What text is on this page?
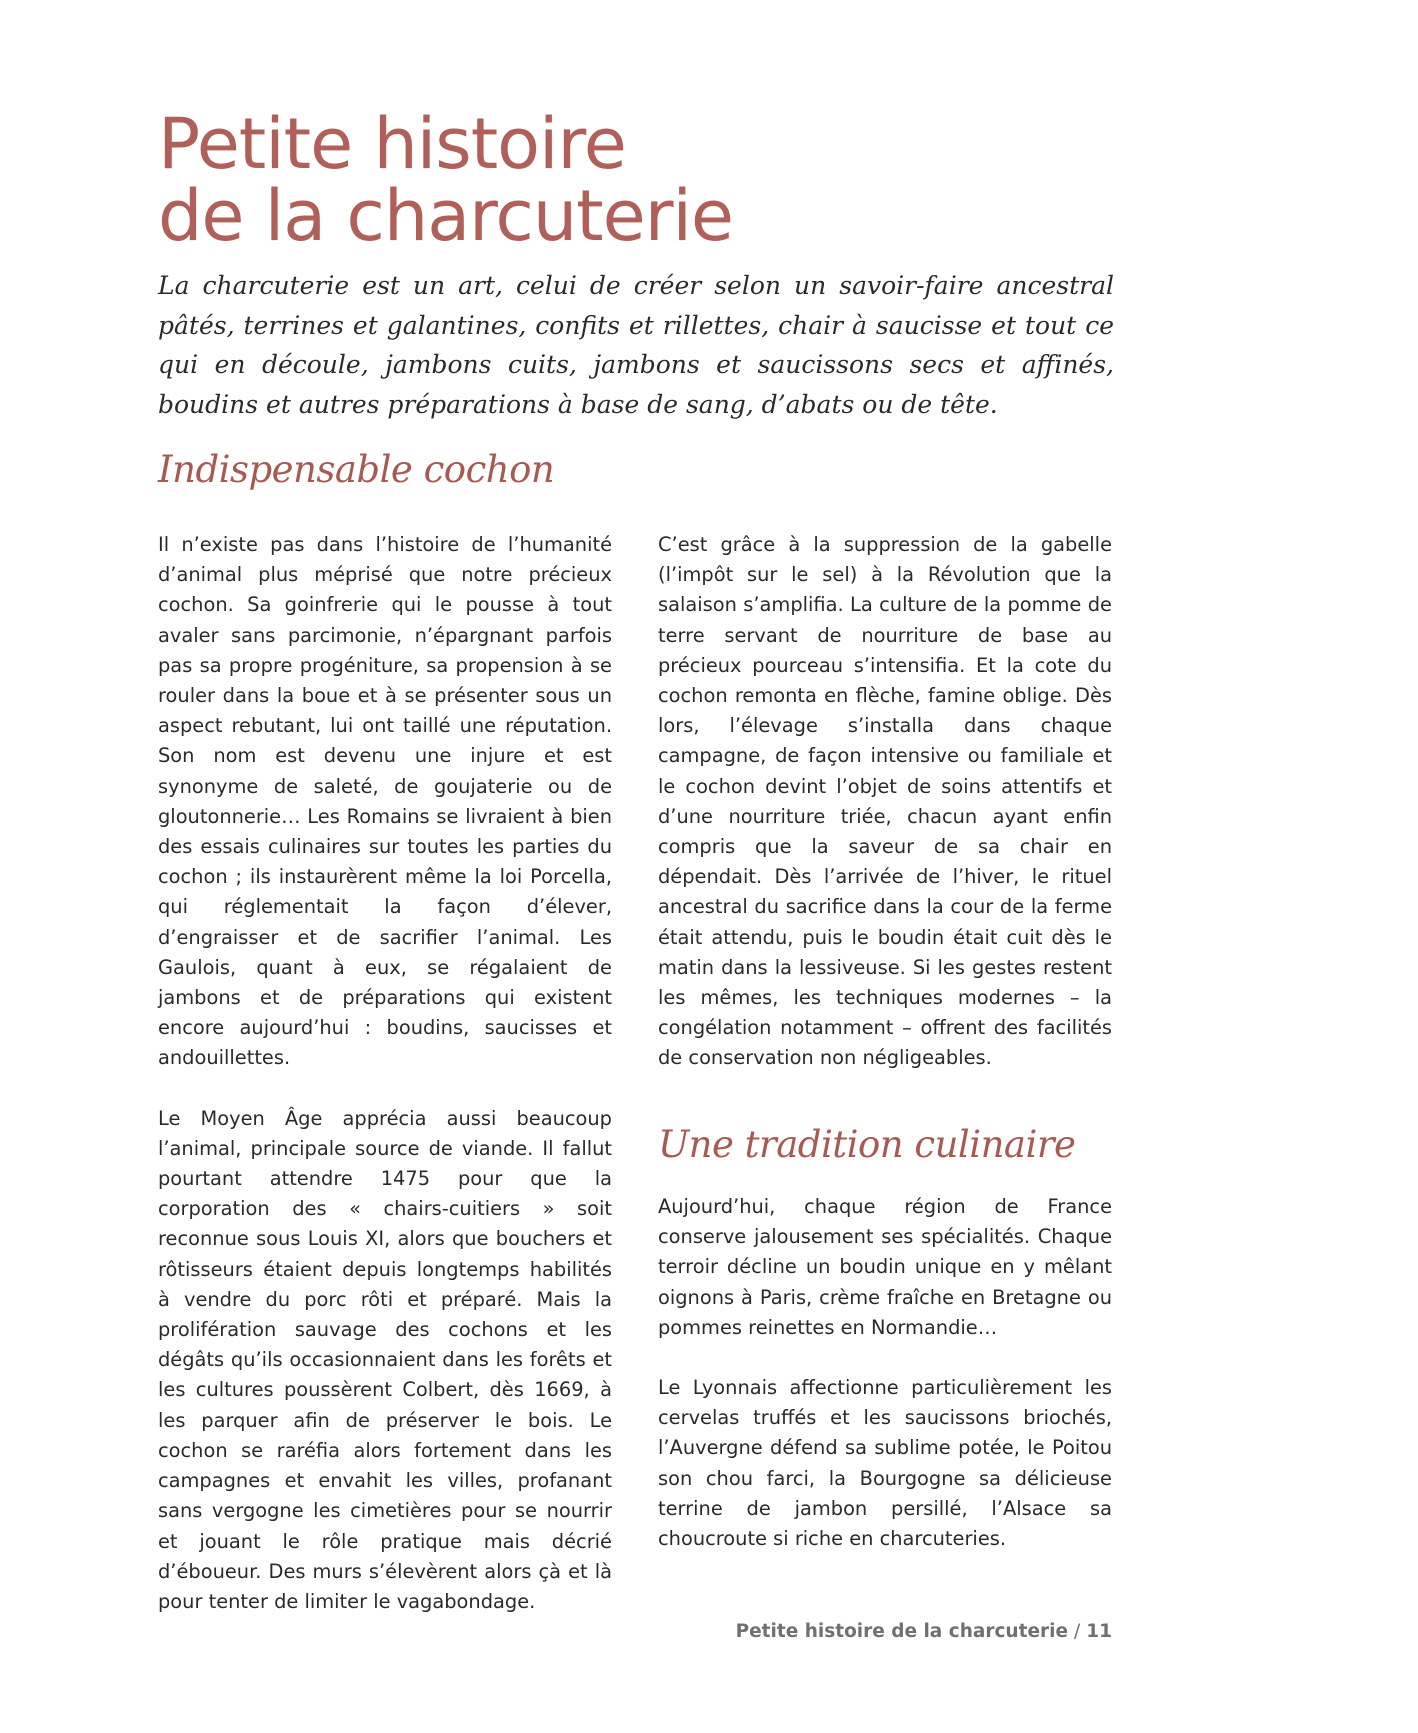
Petite histoire
de la charcuterie

La charcuterie est un art, celui de créer selon un savoir-faire ancestral pâtés, terrines et galantines, confits et rillettes, chair à saucisse et tout ce qui en découle, jambons cuits, jambons et saucissons secs et affinés, boudins et autres préparations à base de sang, d’abats ou de tête.

Indispensable cochon

Il n’existe pas dans l’histoire de l’humanité d’animal plus méprisé que notre précieux cochon. Sa goinfrerie qui le pousse à tout avaler sans parcimonie, n’épargnant parfois pas sa propre progéniture, sa propension à se rouler dans la boue et à se présenter sous un aspect rebutant, lui ont taillé une réputation. Son nom est devenu une injure et est synonyme de saleté, de goujaterie ou de gloutonnerie… Les Romains se livraient à bien des essais culinaires sur toutes les parties du cochon ; ils instaurèrent même la loi Porcella, qui réglementait la façon d’élever, d’engraisser et de sacrifier l’animal. Les Gaulois, quant à eux, se régalaient de jambons et de préparations qui existent encore aujourd’hui : boudins, saucisses et andouillettes.

Le Moyen Âge apprécia aussi beaucoup l’animal, principale source de viande. Il fallut pourtant attendre 1475 pour que la corporation des « chairs-cuitiers » soit reconnue sous Louis XI, alors que bouchers et rôtisseurs étaient depuis longtemps habilités à vendre du porc rôti et préparé. Mais la prolifération sauvage des cochons et les dégâts qu’ils occasionnaient dans les forêts et les cultures poussèrent Colbert, dès 1669, à les parquer afin de préserver le bois. Le cochon se raréfia alors fortement dans les campagnes et envahit les villes, profanant sans vergogne les cimetières pour se nourrir et jouant le rôle pratique mais décrié d’éboueur. Des murs s’élevèrent alors çà et là pour tenter de limiter le vagabondage.

C’est grâce à la suppression de la gabelle (l’impôt sur le sel) à la Révolution que la salaison s’amplifia. La culture de la pomme de terre servant de nourriture de base au précieux pourceau s’intensifia. Et la cote du cochon remonta en flèche, famine oblige. Dès lors, l’élevage s’installa dans chaque campagne, de façon intensive ou familiale et le cochon devint l’objet de soins attentifs et d’une nourriture triée, chacun ayant enfin compris que la saveur de sa chair en dépendait. Dès l’arrivée de l’hiver, le rituel ancestral du sacrifice dans la cour de la ferme était attendu, puis le boudin était cuit dès le matin dans la lessiveuse. Si les gestes restent les mêmes, les techniques modernes – la congélation notamment – offrent des facilités de conservation non négligeables.

Une tradition culinaire

Aujourd’hui, chaque région de France conserve jalousement ses spécialités. Chaque terroir décline un boudin unique en y mêlant oignons à Paris, crème fraîche en Bretagne ou pommes reinettes en Normandie…

Le Lyonnais affectionne particulièrement les cervelas truffés et les saucissons briochés, l’Auvergne défend sa sublime potée, le Poitou son chou farci, la Bourgogne sa délicieuse terrine de jambon persillé, l’Alsace sa choucroute si riche en charcuteries.

Petite histoire de la charcuterie / 11
